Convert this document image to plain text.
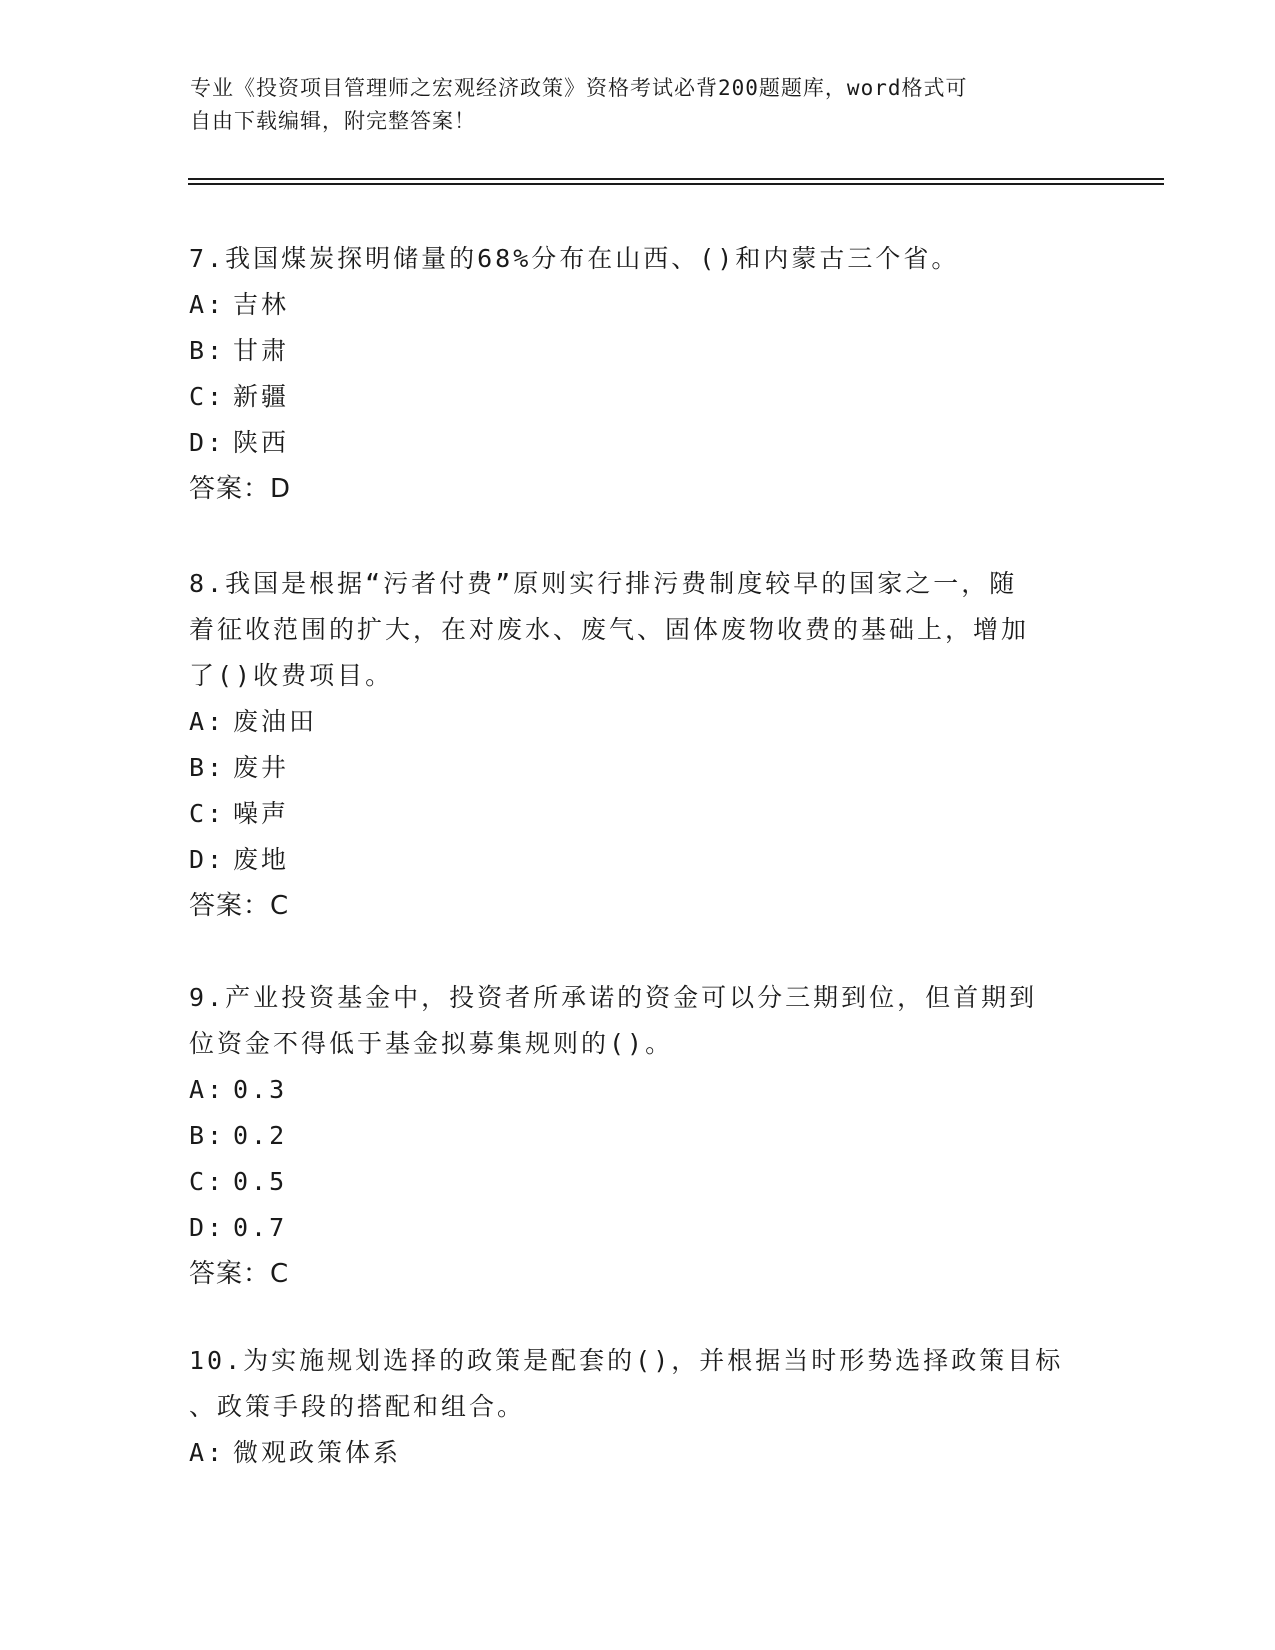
专业《投资项目管理师之宏观经济政策》资格考试必背200题题库，word格式可
自由下载编辑，附完整答案！

7.我国煤炭探明储量的68%分布在山西、()和内蒙古三个省。

A: 吉林

B: 甘肃

C: 新疆

D: 陕西

答案：D

8.我国是根据“污者付费”原则实行排污费制度较早的国家之一，随

着征收范围的扩大，在对废水、废气、固体废物收费的基础上，增加

了()收费项目。

A: 废油田

B: 废井

C: 噪声

D: 废地

答案：C

9.产业投资基金中，投资者所承诺的资金可以分三期到位，但首期到

位资金不得低于基金拟募集规则的()。

A: 0.3

B: 0.2

C: 0.5

D: 0.7

答案：C

10.为实施规划选择的政策是配套的()，并根据当时形势选择政策目标

、政策手段的搭配和组合。

A: 微观政策体系
